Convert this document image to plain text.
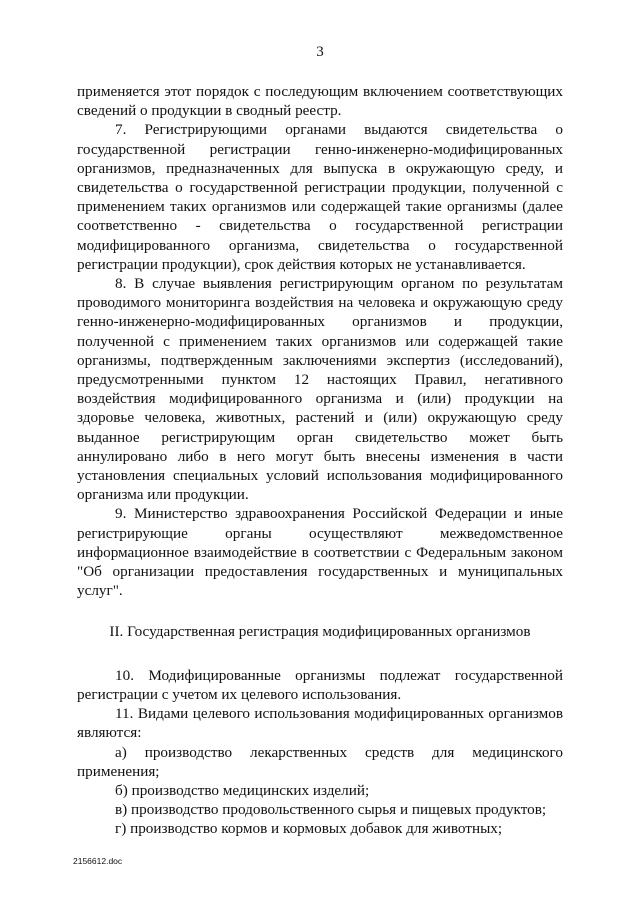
3

применяется этот порядок с последующим включением соответствующих сведений о продукции в сводный реестр.

7. Регистрирующими органами выдаются свидетельства о государственной регистрации генно-инженерно-модифицированных организмов, предназначенных для выпуска в окружающую среду, и свидетельства о государственной регистрации продукции, полученной с применением таких организмов или содержащей такие организмы (далее соответственно - свидетельства о государственной регистрации модифицированного организма, свидетельства о государственной регистрации продукции), срок действия которых не устанавливается.

8. В случае выявления регистрирующим органом по результатам проводимого мониторинга воздействия на человека и окружающую среду генно-инженерно-модифицированных организмов и продукции, полученной с применением таких организмов или содержащей такие организмы, подтвержденным заключениями экспертиз (исследований), предусмотренными пунктом 12 настоящих Правил, негативного воздействия модифицированного организма и (или) продукции на здоровье человека, животных, растений и (или) окружающую среду выданное регистрирующим орган свидетельство может быть аннулировано либо в него могут быть внесены изменения в части установления специальных условий использования модифицированного организма или продукции.

9. Министерство здравоохранения Российской Федерации и иные регистрирующие органы осуществляют межведомственное информационное взаимодействие в соответствии с Федеральным законом "Об организации предоставления государственных и муниципальных услуг".

II. Государственная регистрация модифицированных организмов

10. Модифицированные организмы подлежат государственной регистрации с учетом их целевого использования.

11. Видами целевого использования модифицированных организмов являются:

а) производство лекарственных средств для медицинского применения;

б) производство медицинских изделий;

в) производство продовольственного сырья и пищевых продуктов;

г) производство кормов и кормовых добавок для животных;

2156612.doc
